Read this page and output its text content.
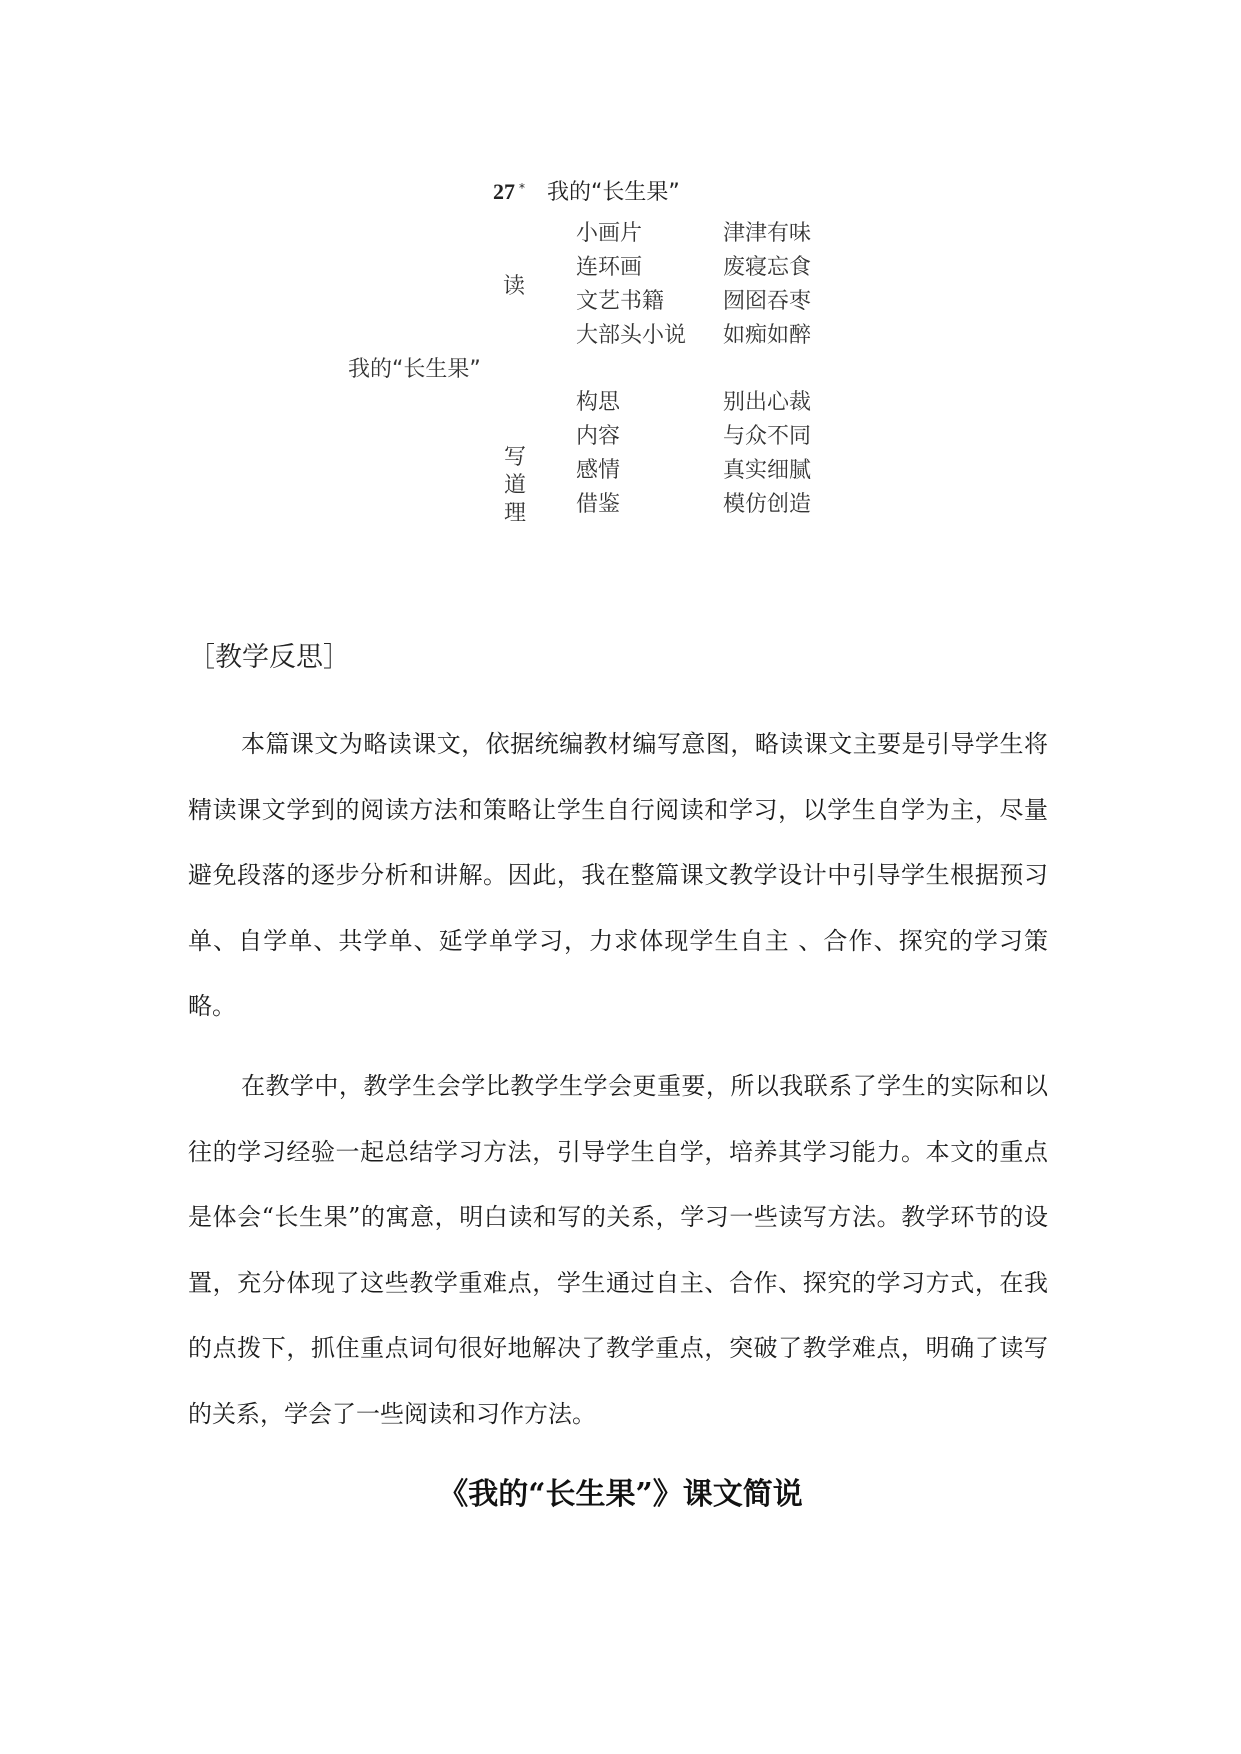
27 * 我的“长生果”
我的“长生果”
读
写
道
理
小画片
连环画
文艺书籍
大部头小说
津津有味
废寝忘食
囫囵吞枣
如痴如醉
构思
内容
感情
借鉴
别出心裁
与众不同
真实细腻
模仿创造
［教学反思］

本篇课文为略读课文，依据统编教材编写意图，略读课文主要是引导学生将精读课文学到的阅读方法和策略让学生自行阅读和学习，以学生自学为主，尽量避免段落的逐步分析和讲解。因此，我在整篇课文教学设计中引导学生根据预习单、自学单、共学单、延学单学习，力求体现学生自主 、合作、探究的学习策略。

在教学中，教学生会学比教学生学会更重要，所以我联系了学生的实际和以往的学习经验一起总结学习方法，引导学生自学，培养其学习能力。本文的重点是体会“长生果”的寓意，明白读和写的关系，学习一些读写方法。教学环节的设置，充分体现了这些教学重难点，学生通过自主、合作、探究的学习方式，在我的点拨下，抓住重点词句很好地解决了教学重点，突破了教学难点，明确了读写的关系，学会了一些阅读和习作方法。

《我的“长生果”》课文简说
